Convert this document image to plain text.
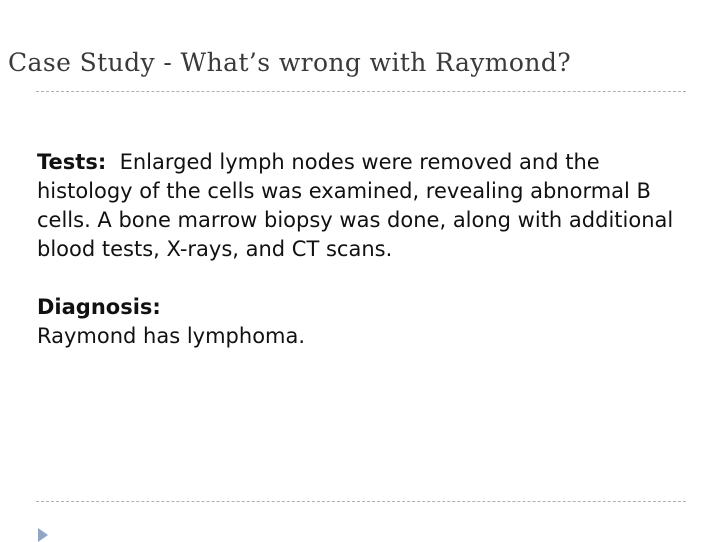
Case Study - What’s wrong with Raymond?

Tests: Enlarged lymph nodes were removed and the histology of the cells was examined, revealing abnormal B cells. A bone marrow biopsy was done, along with additional blood tests, X-rays, and CT scans.

Diagnosis:
Raymond has lymphoma.
